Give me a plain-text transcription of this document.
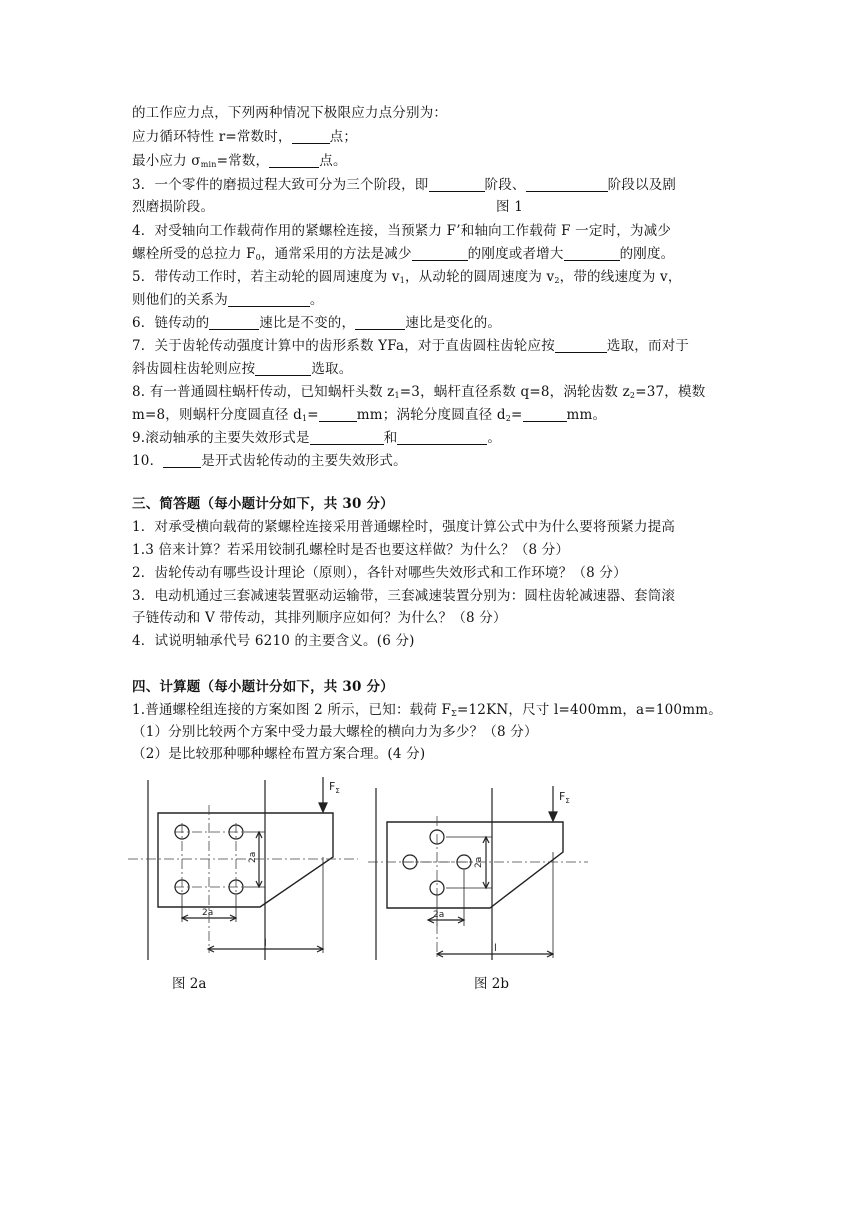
的工作应力点，下列两种情况下极限应力点分别为：
应力循环特性 r=常数时，	点；
最小应力 $\sigma_{min}=$常数，	点。
3．一个零件的磨损过程大致可分为三个阶段，即	阶段、	阶段以及剧
烈磨损阶段。	图 1
4．对受轴向工作载荷作用的紧螺栓连接，当预紧力 F’和轴向工作载荷 F 一定时，为减少
螺栓所受的总拉力 $F_0$，通常采用的方法是减少	的刚度或者增大	的刚度。
5．带传动工作时，若主动轮的圆周速度为 $v_1$，从动轮的圆周速度为 $v_2$，带的线速度为 v，
则他们的关系为	。
6．链传动的	速比是不变的，	速比是变化的。
7．关于齿轮传动强度计算中的齿形系数 YFa，对于直齿圆柱齿轮应按	选取，而对于
斜齿圆柱齿轮则应按	选取。
8. 有一普通圆柱蜗杆传动，已知蜗杆头数 $z_1=3$，蜗杆直径系数 q=8，涡轮齿数 $z_2=37$，模数
m=8，则蜗杆分度圆直径 $d_1=$	mm；涡轮分度圆直径 $d_2=$	mm。
9.滚动轴承的主要失效形式是	和	。
10．	是开式齿轮传动的主要失效形式。
三、简答题（每小题计分如下，共 30 分）
1．对承受横向载荷的紧螺栓连接采用普通螺栓时，强度计算公式中为什么要将预紧力提高
1.3 倍来计算？若采用铰制孔螺栓时是否也要这样做？为什么？（8 分）
2．齿轮传动有哪些设计理论（原则），各针对哪些失效形式和工作环境？（8 分）
3．电动机通过三套减速装置驱动运输带，三套减速装置分别为：圆柱齿轮减速器、套筒滚
子链传动和 V 带传动，其排列顺序应如何？为什么？（8 分）
4．试说明轴承代号 6210 的主要含义。(6 分)
四、计算题（每小题计分如下，共 30 分）
1.普通螺栓组连接的方案如图 2 所示，已知：载荷 $F_\Sigma=12KN$，尺寸 l=400mm，a=100mm。
（1）分别比较两个方案中受力最大螺栓的横向力为多少？（8 分）
（2）是比较那种哪种螺栓布置方案合理。(4 分)
$F_\Sigma$
2a
2a
l
$F_\Sigma$
2a
2a
l
图 2a	图 2b
